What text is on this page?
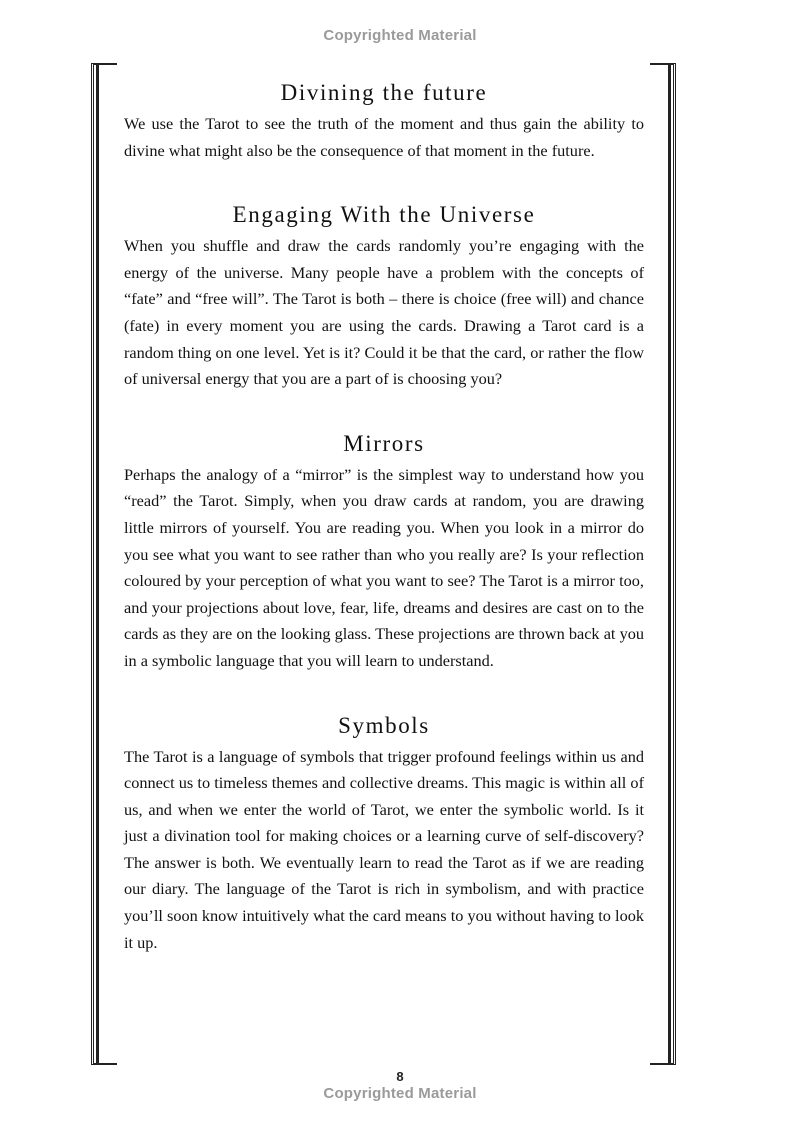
Copyrighted Material
Divining the future

We use the Tarot to see the truth of the moment and thus gain the ability to divine what might also be the consequence of that moment in the future.

Engaging With the Universe

When you shuffle and draw the cards randomly you’re engaging with the energy of the universe. Many people have a problem with the concepts of “fate” and “free will”. The Tarot is both – there is choice (free will) and chance (fate) in every moment you are using the cards. Drawing a Tarot card is a random thing on one level. Yet is it? Could it be that the card, or rather the flow of universal energy that you are a part of is choosing you?

Mirrors

Perhaps the analogy of a “mirror” is the simplest way to understand how you “read” the Tarot. Simply, when you draw cards at random, you are drawing little mirrors of yourself. You are reading you. When you look in a mirror do you see what you want to see rather than who you really are? Is your reflection coloured by your perception of what you want to see? The Tarot is a mirror too, and your projections about love, fear, life, dreams and desires are cast on to the cards as they are on the looking glass. These projections are thrown back at you in a symbolic language that you will learn to understand.

Symbols

The Tarot is a language of symbols that trigger profound feelings within us and connect us to timeless themes and collective dreams. This magic is within all of us, and when we enter the world of Tarot, we enter the symbolic world. Is it just a divination tool for making choices or a learning curve of self-discovery? The answer is both. We eventually learn to read the Tarot as if we are reading our diary. The language of the Tarot is rich in symbolism, and with practice you’ll soon know intuitively what the card means to you without having to look it up.

8
Copyrighted Material
